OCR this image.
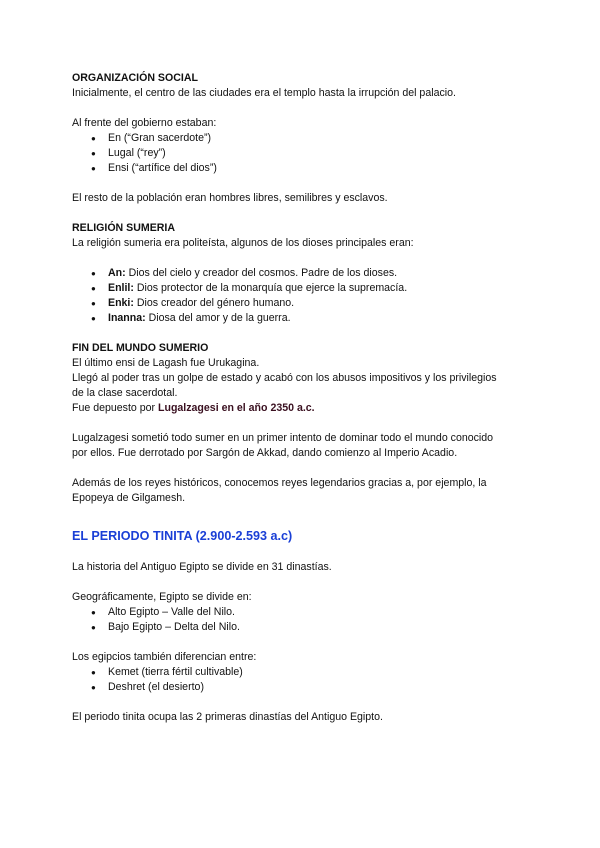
ORGANIZACIÓN SOCIAL

Inicialmente, el centro de las ciudades era el templo hasta la irrupción del palacio.

Al frente del gobierno estaban:

● En (“Gran sacerdote”)
● Lugal (“rey”)
● Ensi (“artífice del dios”)

El resto de la población eran hombres libres, semilibres y esclavos.

RELIGIÓN SUMERIA

La religión sumeria era politeísta, algunos de los dioses principales eran:

● An: Dios del cielo y creador del cosmos. Padre de los dioses.
● Enlil: Dios protector de la monarquía que ejerce la supremacía.
● Enki: Dios creador del género humano.
● Inanna: Diosa del amor y de la guerra.

FIN DEL MUNDO SUMERIO

El último ensi de Lagash fue Urukagina.

Llegó al poder tras un golpe de estado y acabó con los abusos impositivos y los privilegios

de la clase sacerdotal.

Fue depuesto por Lugalzagesi en el año 2350 a.c.

Lugalzagesi sometió todo sumer en un primer intento de dominar todo el mundo conocido

por ellos. Fue derrotado por Sargón de Akkad, dando comienzo al Imperio Acadio.

Además de los reyes históricos, conocemos reyes legendarios gracias a, por ejemplo, la

Epopeya de Gilgamesh.

EL PERIODO TINITA (2.900-2.593 a.c)

La historia del Antiguo Egipto se divide en 31 dinastías.

Geográficamente, Egipto se divide en:

● Alto Egipto – Valle del Nilo.
● Bajo Egipto – Delta del Nilo.

Los egipcios también diferencian entre:

● Kemet (tierra fértil cultivable)
● Deshret (el desierto)

El periodo tinita ocupa las 2 primeras dinastías del Antiguo Egipto.
